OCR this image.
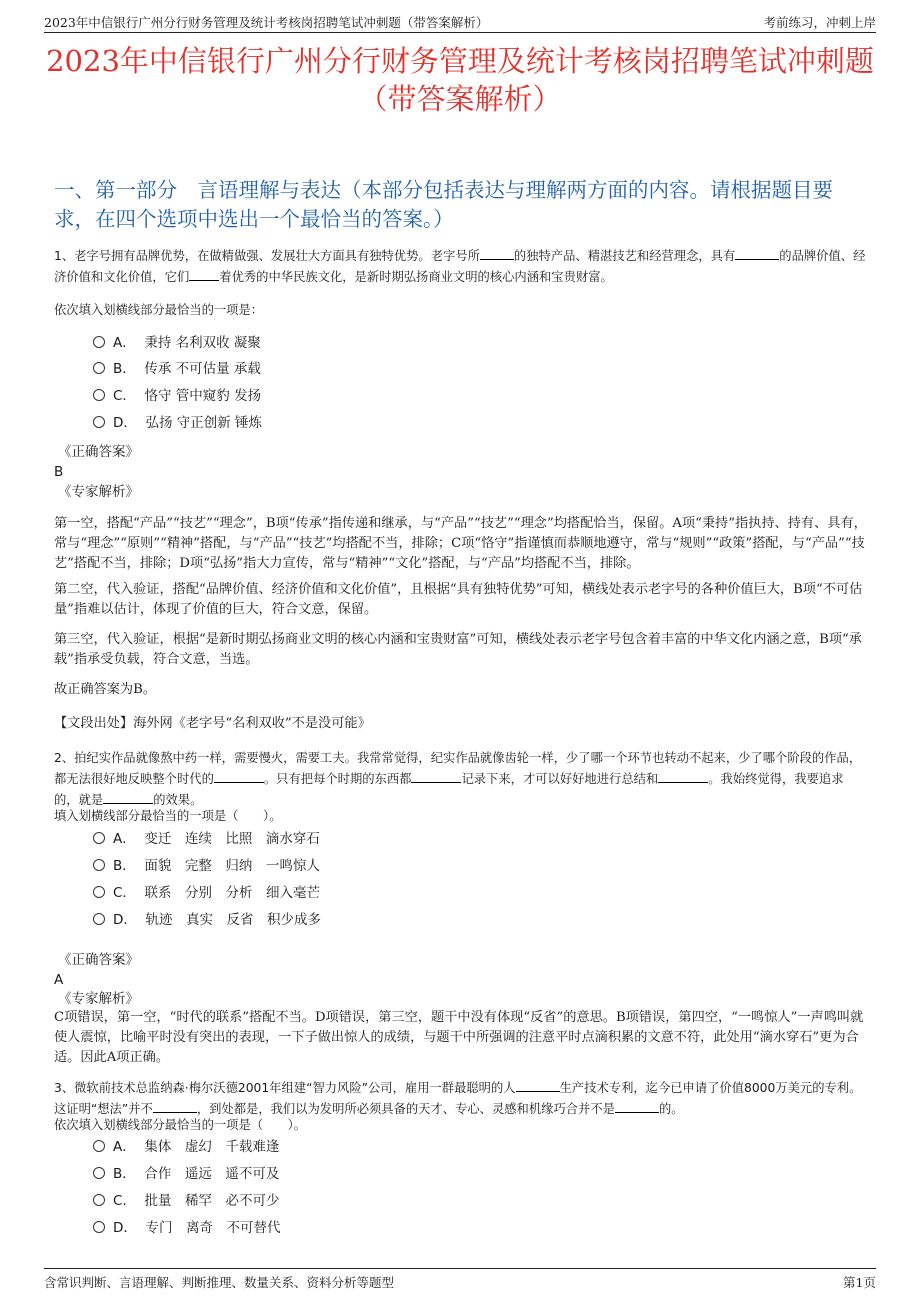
2023年中信银行广州分行财务管理及统计考核岗招聘笔试冲刺题（带答案解析）	考前练习，冲刺上岸
2023年中信银行广州分行财务管理及统计考核岗招聘笔试冲刺题（带答案解析）
一、第一部分　言语理解与表达（本部分包括表达与理解两方面的内容。请根据题目要求，在四个选项中选出一个最恰当的答案。）
1、老字号拥有品牌优势，在做精做强、发展壮大方面具有独特优势。老字号所	的独特产品、精湛技艺和经营理念，具有	的品牌价值、经济价值和文化价值，它们 着优秀的中华民族文化，是新时期弘扬商业文明的核心内涵和宝贵财富。
依次填入划横线部分最恰当的一项是：
A．  秉持 名利双收 凝聚
B．  传承 不可估量 承载
C．  恪守 管中窥豹 发扬
D．  弘扬 守正创新 锤炼
《正确答案》
B
《专家解析》
第一空，搭配“产品”“技艺”“理念”，B项“传承”指传递和继承，与“产品”“技艺”“理念”均搭配恰当，保留。A项“秉持”指执持、持有、具有，常与“理念”“原则”“精神”搭配，与“产品”“技艺”均搭配不当，排除；C项“恪守”指谨慎而恭顺地遵守，常与“规则”“政策”搭配，与“产品”“技艺”搭配不当，排除；D项“弘扬”指大力宣传，常与“精神”“文化”搭配，与“产品”均搭配不当，排除。
第二空，代入验证，搭配“品牌价值、经济价值和文化价值”，且根据“具有独特优势”可知，横线处表示老字号的各种价值巨大，B项“不可估量”指难以估计，体现了价值的巨大，符合文意，保留。
第三空，代入验证，根据“是新时期弘扬商业文明的核心内涵和宝贵财富”可知，横线处表示老字号包含着丰富的中华文化内涵之意，B项“承载”指承受负载，符合文意，当选。
故正确答案为B。
【文段出处】海外网《老字号“名利双收”不是没可能》
2、拍纪实作品就像熬中药一样，需要慢火，需要工夫。我常常觉得，纪实作品就像齿轮一样，少了哪一个环节也转动不起来，少了哪个阶段的作品，都无法很好地反映整个时代的	。只有把每个时期的东西都	记录下来，才可以好好地进行总结和	。我始终觉得，我要追求的，就是	的效果。
填入划横线部分最恰当的一项是（　　）。
A．  变迁　连续　比照　滴水穿石
B．  面貌　完整　归纳　一鸣惊人
C．  联系　分别　分析　细入毫芒
D．  轨迹　真实　反省　积少成多
《正确答案》
A
《专家解析》
C项错误，第一空，“时代的联系”搭配不当。D项错误，第三空，题干中没有体现“反省”的意思。B项错误，第四空，“一鸣惊人”一声鸣叫就使人震惊，比喻平时没有突出的表现，一下子做出惊人的成绩，与题干中所强调的注意平时点滴积累的文意不符，此处用“滴水穿石”更为合适。因此A项正确。
3、微软前技术总监纳森·梅尔沃德2001年组建“智力风险”公司，雇用一群最聪明的人	生产技术专利，迄今已申请了价值8000万美元的专利。这证明“想法”并不	，到处都是，我们以为发明所必须具备的天才、专心、灵感和机缘巧合并不是	的。
依次填入划横线部分最恰当的一项是（　　）。
A．  集体　虚幻　千载难逢
B．  合作　遥远　遥不可及
C．  批量　稀罕　必不可少
D．  专门　离奇　不可替代
含常识判断、言语理解、判断推理、数量关系、资料分析等题型	第1页
